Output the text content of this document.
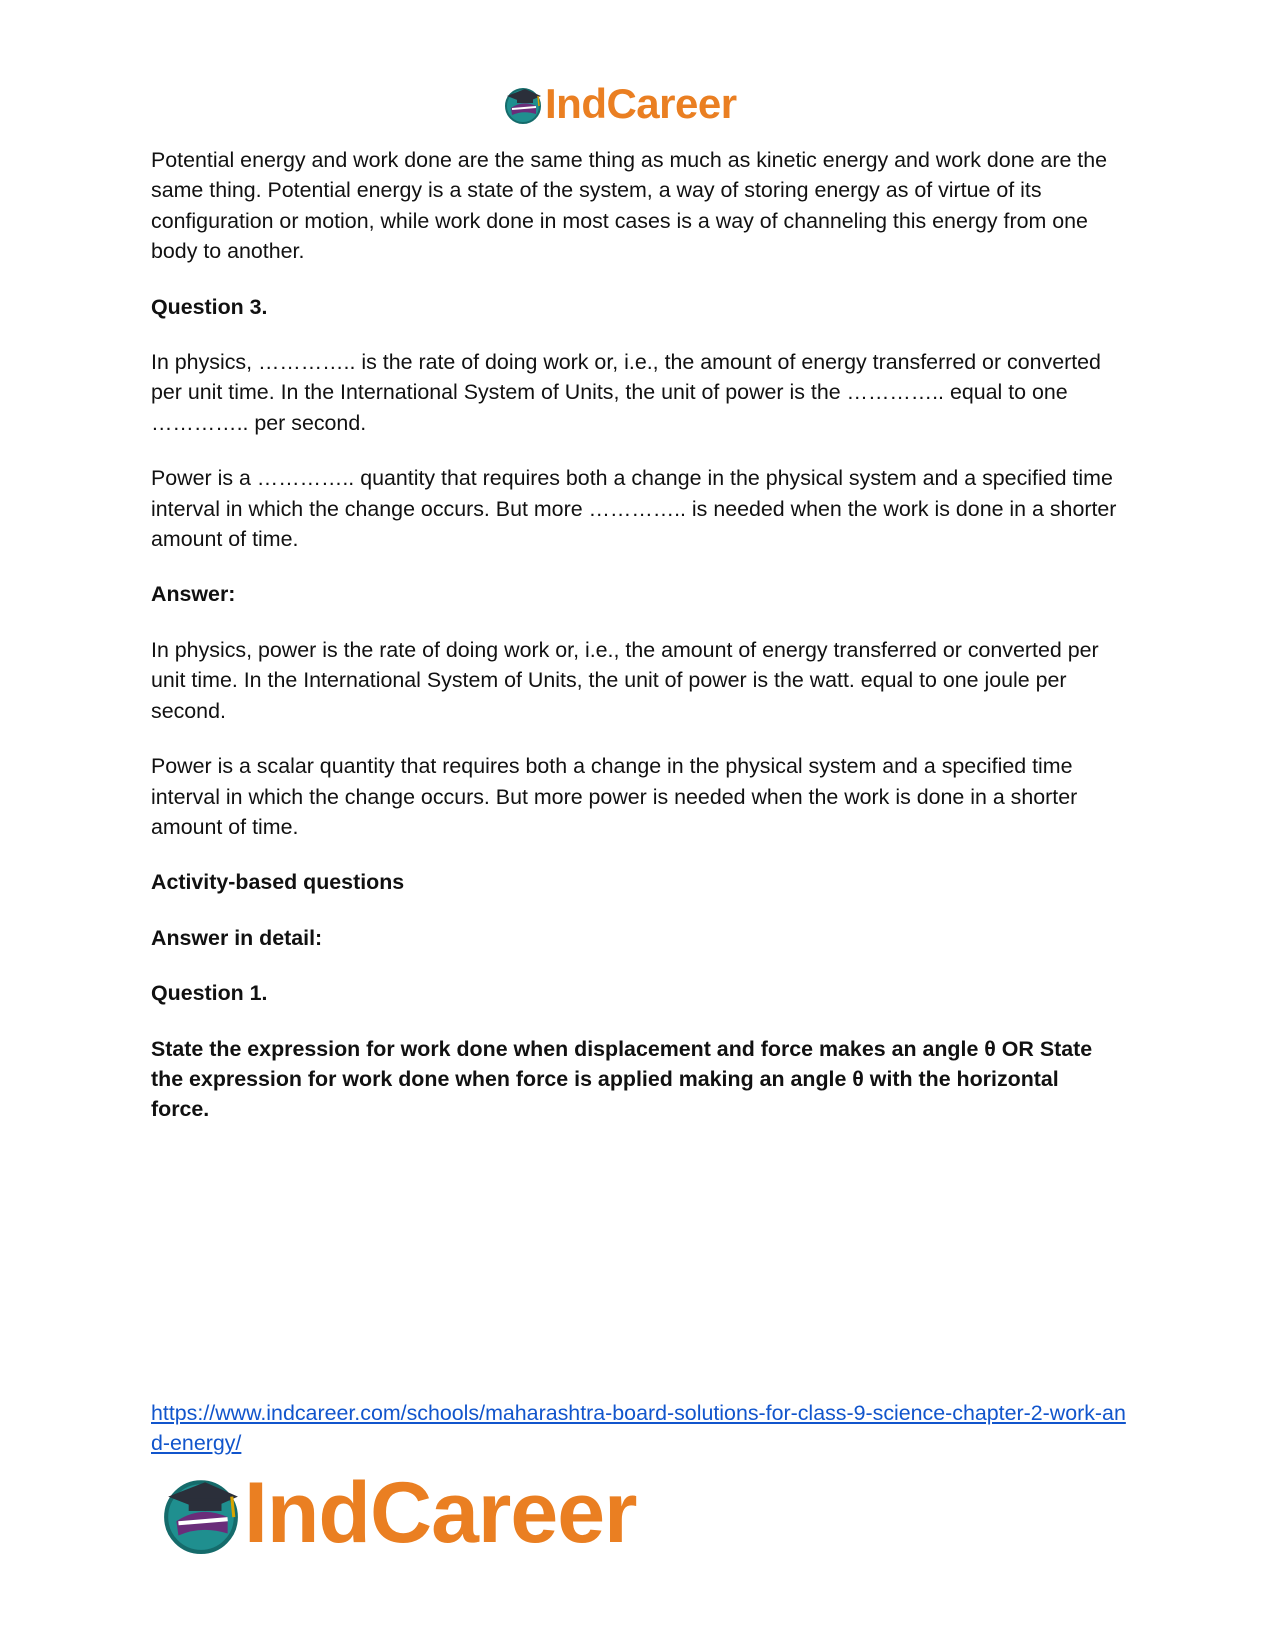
IndCareer

Potential energy and work done are the same thing as much as kinetic energy and work done are the same thing. Potential energy is a state of the system, a way of storing energy as of virtue of its configuration or motion, while work done in most cases is a way of channeling this energy from one body to another.

Question 3.

In physics, ………….. is the rate of doing work or, i.e., the amount of energy transferred or converted per unit time. In the International System of Units, the unit of power is the ………….. equal to one ………….. per second.

Power is a ………….. quantity that requires both a change in the physical system and a specified time interval in which the change occurs. But more ………….. is needed when the work is done in a shorter amount of time.

Answer:

In physics, power is the rate of doing work or, i.e., the amount of energy transferred or converted per unit time. In the International System of Units, the unit of power is the watt. equal to one joule per second.

Power is a scalar quantity that requires both a change in the physical system and a specified time interval in which the change occurs. But more power is needed when the work is done in a shorter amount of time.

Activity-based questions

Answer in detail:

Question 1.

State the expression for work done when displacement and force makes an angle θ OR State the expression for work done when force is applied making an angle θ with the horizontal force.

https://www.indcareer.com/schools/maharashtra-board-solutions-for-class-9-science-chapter-2-work-and-energy/
IndCareer
